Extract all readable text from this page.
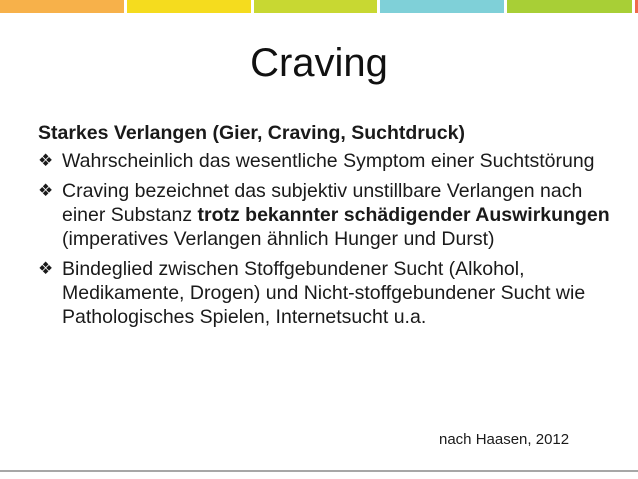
Craving
Starkes Verlangen (Gier, Craving, Suchtdruck)
❖ Wahrscheinlich das wesentliche Symptom einer Suchtstörung
❖ Craving bezeichnet das subjektiv unstillbare Verlangen nach einer Substanz trotz bekannter schädigender Auswirkungen (imperatives Verlangen ähnlich Hunger und Durst)
❖ Bindeglied zwischen Stoffgebundener Sucht (Alkohol, Medikamente, Drogen) und Nicht-stoffgebundener Sucht wie Pathologisches Spielen, Internetsucht u.a.
nach Haasen, 2012
